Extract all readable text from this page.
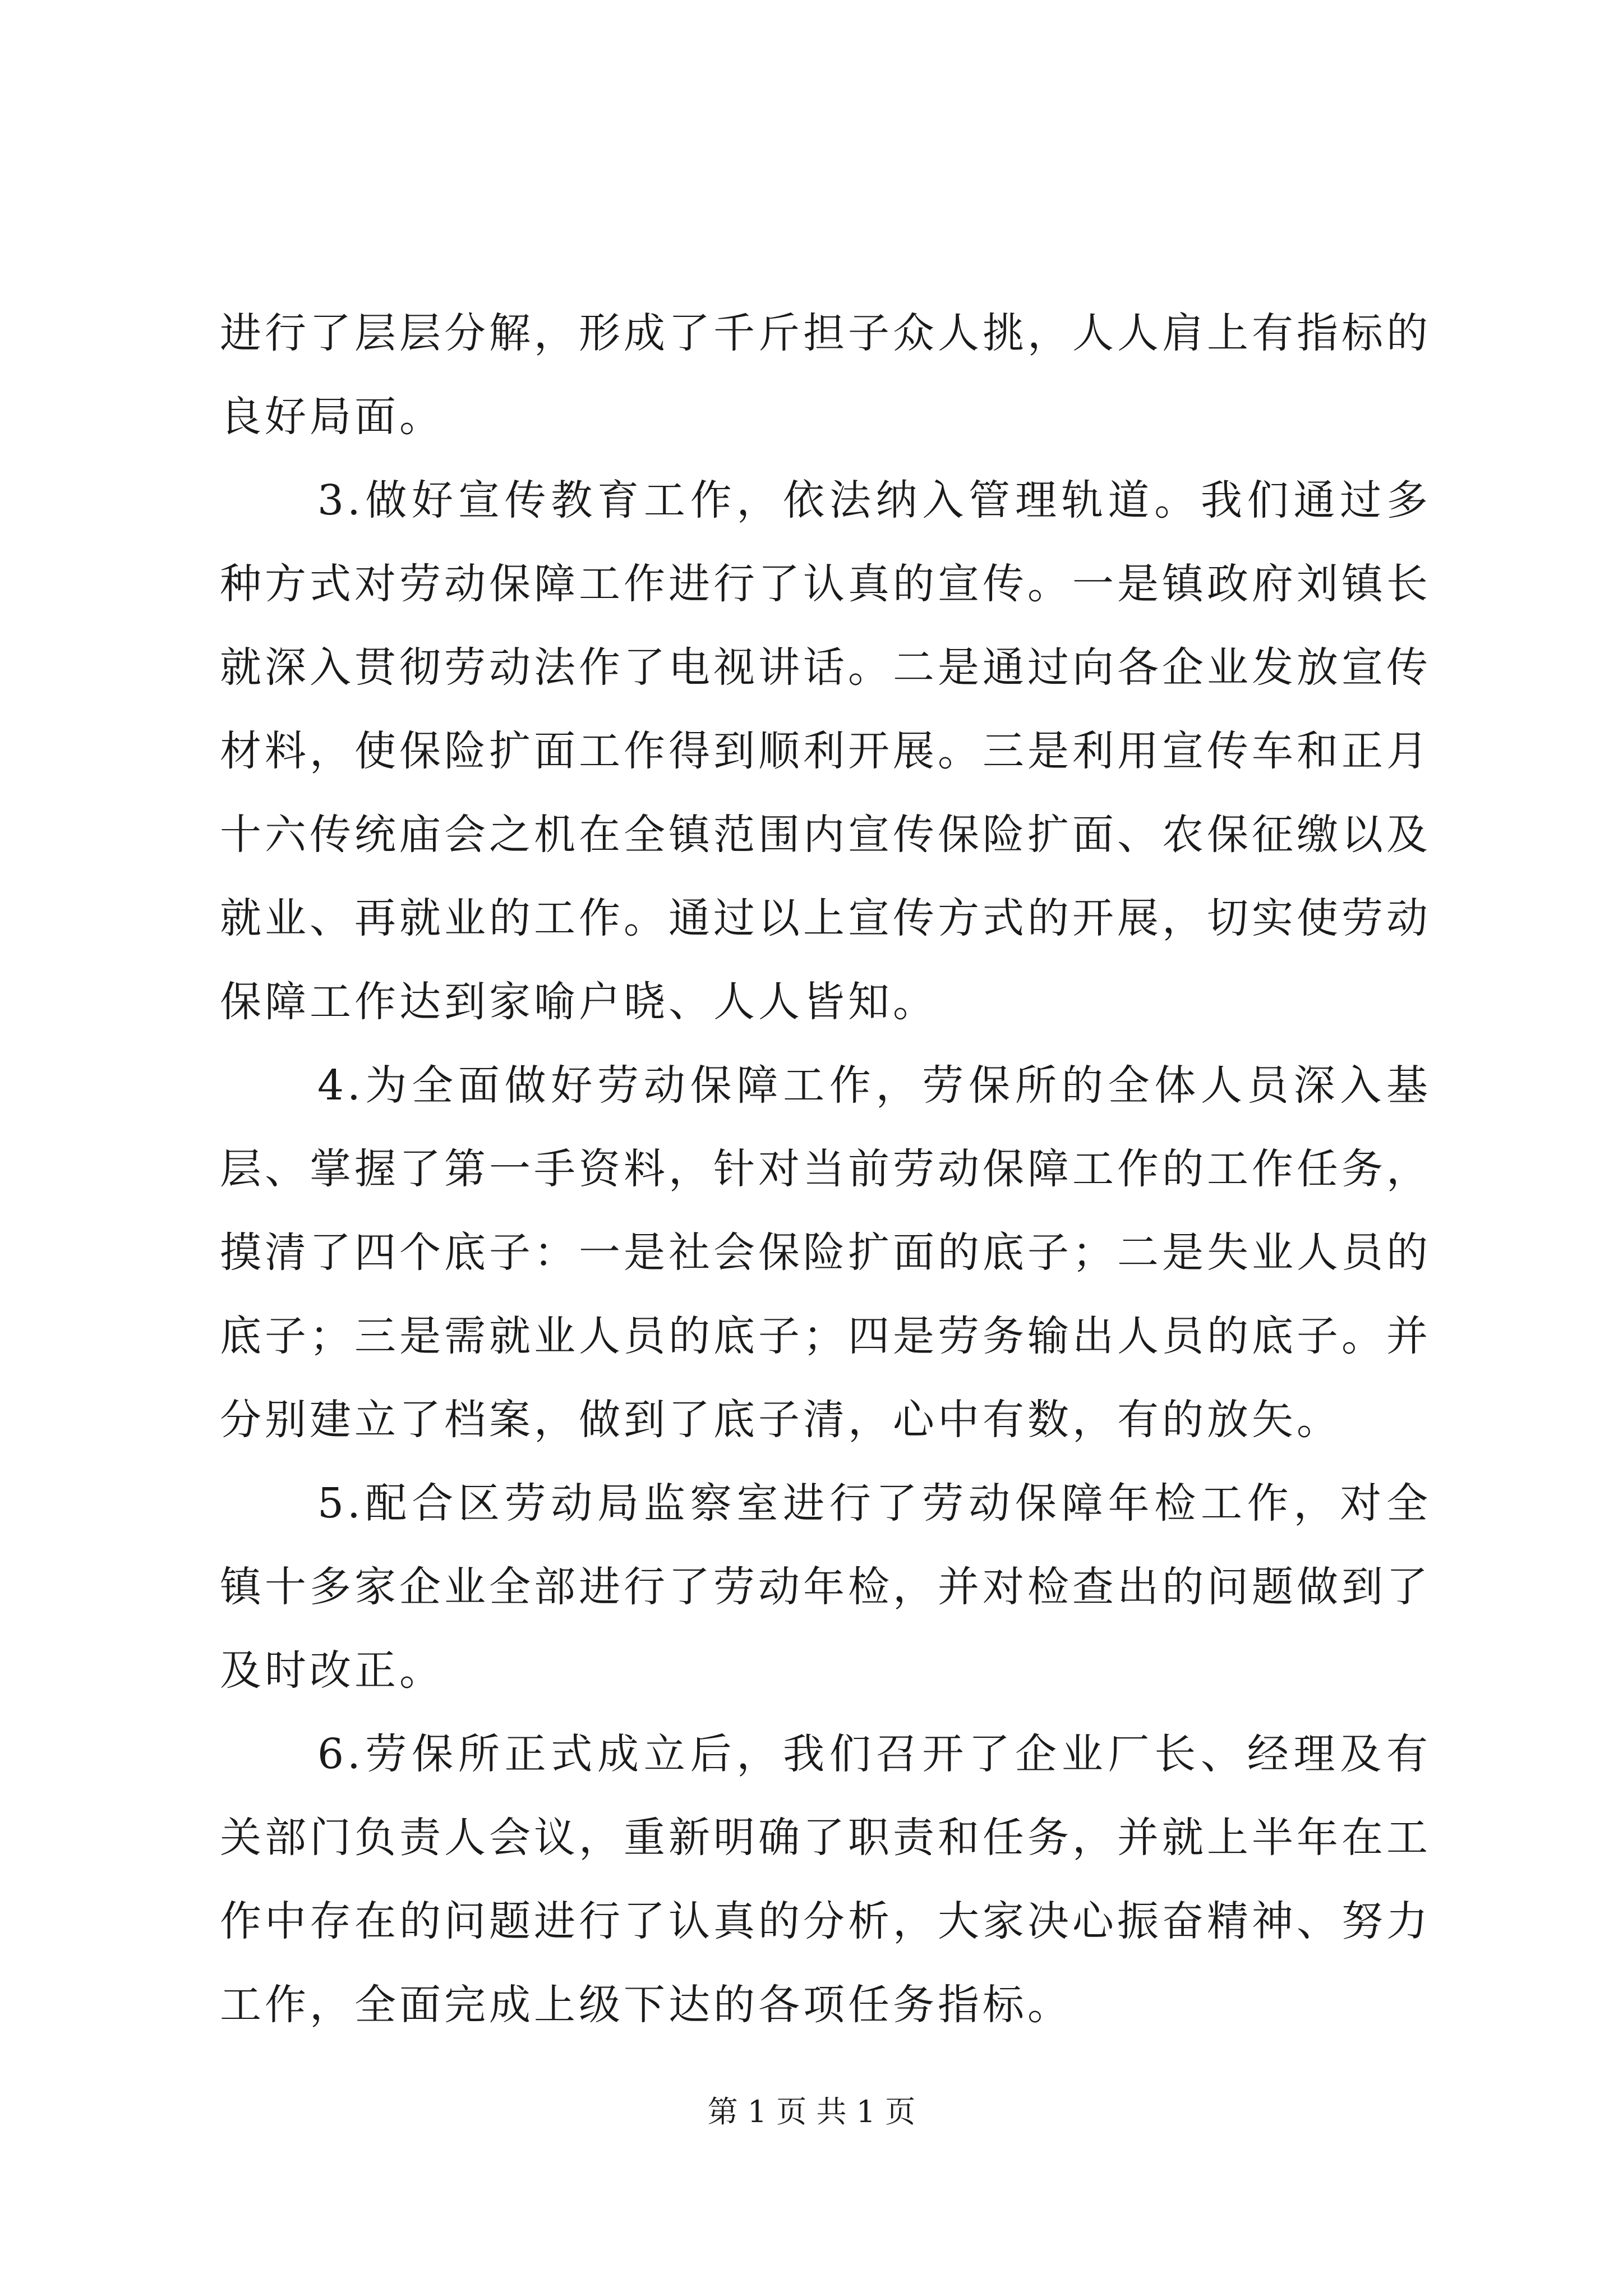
进行了层层分解，形成了千斤担子众人挑，人人肩上有指标的良好局面。

3.做好宣传教育工作，依法纳入管理轨道。我们通过多种方式对劳动保障工作进行了认真的宣传。一是镇政府刘镇长就深入贯彻劳动法作了电视讲话。二是通过向各企业发放宣传材料，使保险扩面工作得到顺利开展。三是利用宣传车和正月十六传统庙会之机在全镇范围内宣传保险扩面、农保征缴以及就业、再就业的工作。通过以上宣传方式的开展，切实使劳动保障工作达到家喻户晓、人人皆知。

4.为全面做好劳动保障工作，劳保所的全体人员深入基层、掌握了第一手资料，针对当前劳动保障工作的工作任务，摸清了四个底子：一是社会保险扩面的底子；二是失业人员的底子；三是需就业人员的底子；四是劳务输出人员的底子。并分别建立了档案，做到了底子清，心中有数，有的放矢。

5.配合区劳动局监察室进行了劳动保障年检工作，对全镇十多家企业全部进行了劳动年检，并对检查出的问题做到了及时改正。

6.劳保所正式成立后，我们召开了企业厂长、经理及有关部门负责人会议，重新明确了职责和任务，并就上半年在工作中存在的问题进行了认真的分析，大家决心振奋精神、努力工作，全面完成上级下达的各项任务指标。

第 1 页 共 1 页
